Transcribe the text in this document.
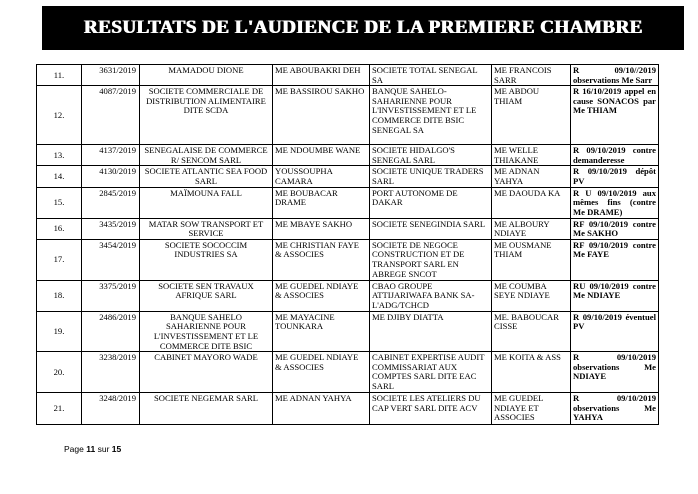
RESULTATS DE L'AUDIENCE DE LA PREMIERE CHAMBRE
11.	3631/2019	MAMADOU DIONE	ME ABOUBAKRI DEH	SOCIETE TOTAL SENEGAL SA	ME FRANCOIS SARR	R 09/10//2019 observations Me Sarr
12.	4087/2019	SOCIETE COMMERCIALE DE DISTRIBUTION ALIMENTAIRE DITE SCDA	ME BASSIROU SAKHO	BANQUE SAHELO-SAHARIENNE POUR L'INVESTISSEMENT ET LE COMMERCE DITE BSIC SENEGAL SA	ME ABDOU THIAM	R 16/10/2019 appel en cause SONACOS par Me THIAM
13.	4137/2019	SENEGALAISE DE COMMERCE R/ SENCOM SARL	ME NDOUMBE WANE	SOCIETE HIDALGO'S SENEGAL SARL	ME WELLE THIAKANE	R 09/10/2019 contre demanderesse
14.	4130/2019	SOCIETE ATLANTIC SEA FOOD SARL	YOUSSOUPHA CAMARA	SOCIETE UNIQUE TRADERS SARL	ME ADNAN YAHYA	R 09/10/2019 dépôt PV
15.	2845/2019	MAÏMOUNA FALL	ME BOUBACAR DRAME	PORT AUTONOME DE DAKAR	ME DAOUDA KA	R U 09/10/2019 aux mêmes fins (contre Me DRAME)
16.	3435/2019	MATAR SOW TRANSPORT ET SERVICE	ME MBAYE SAKHO	SOCIETE SENEGINDIA SARL	ME ALBOURY NDIAYE	RF 09/10/2019 contre Me SAKHO
17.	3454/2019	SOCIETE SOCOCCIM INDUSTRIES SA	ME CHRISTIAN FAYE & ASSOCIES	SOCIETE DE NEGOCE CONSTRUCTION ET DE TRANSPORT SARL EN ABREGE SNCOT	ME OUSMANE THIAM	RF 09/10/2019 contre Me FAYE
18.	3375/2019	SOCIETE SEN TRAVAUX AFRIQUE SARL	ME GUEDEL NDIAYE & ASSOCIES	CBAO GROUPE ATTIJARIWAFA BANK SA-L'ADG/TCHCD	ME COUMBA SEYE NDIAYE	RU 09/10/2019 contre Me NDIAYE
19.	2486/2019	BANQUE SAHELO SAHARIENNE POUR L'INVESTISSEMENT ET LE COMMERCE DITE BSIC	ME MAYACINE TOUNKARA	ME DJIBY DIATTA	ME. BABOUCAR CISSE	R 09/10/2019 éventuel PV
20.	3238/2019	CABINET MAYORO WADE	ME GUEDEL NDIAYE & ASSOCIES	CABINET EXPERTISE AUDIT COMMISSARIAT AUX COMPTES SARL DITE EAC SARL	ME KOITA & ASS	R 09/10/2019 observations Me NDIAYE
21.	3248/2019	SOCIETE NEGEMAR SARL	ME ADNAN YAHYA	SOCIETE LES ATELIERS DU CAP VERT SARL DITE ACV	ME GUEDEL NDIAYE ET ASSOCIES	R 09/10/2019 observations Me YAHYA
Page 11 sur 15
